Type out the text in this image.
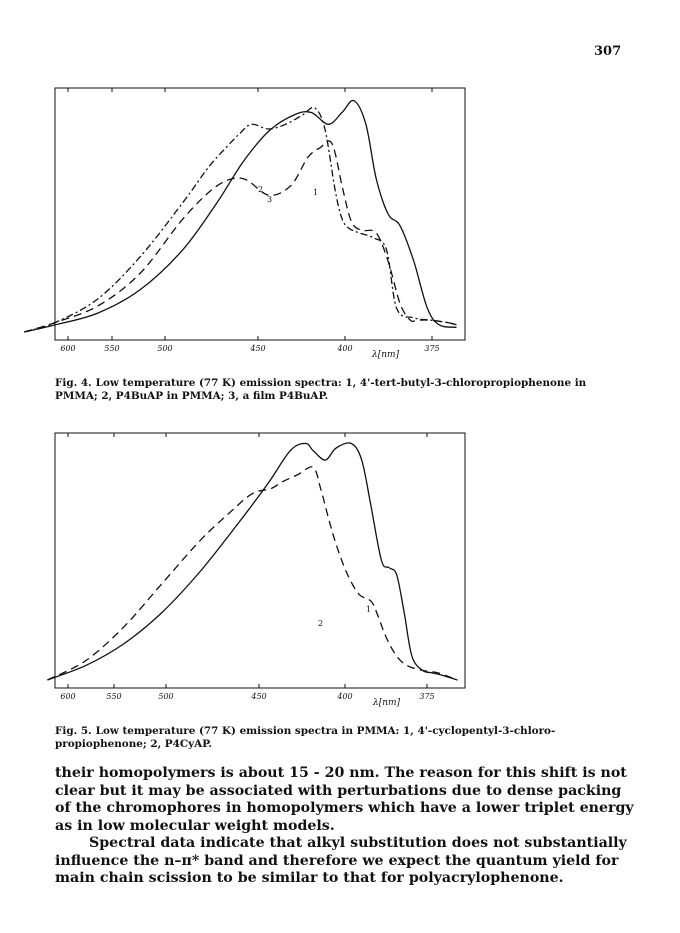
307
600	550	500	450	400	375
λ[nm]
1
2
3
Fig. 4. Low temperature (77 K) emission spectra: 1, 4'-tert-butyl-3-chloropropiophenone in PMMA; 2, P4BuAP in PMMA; 3, a film P4BuAP.
600	550	500	450	400	375
λ[nm]
1
2
Fig. 5. Low temperature (77 K) emission spectra in PMMA: 1, 4'-cyclopentyl-3-chloro-propiophenone; 2, P4CyAP.

their homopolymers is about 15 - 20 nm. The reason for this shift is not clear but it may be associated with perturbations due to dense packing of the chromophores in homopolymers which have a lower triplet energy as in low molecular weight models.

Spectral data indicate that alkyl substitution does not substantially influence the n–π* band and therefore we expect the quantum yield for main chain scission to be similar to that for polyacrylophenone.
